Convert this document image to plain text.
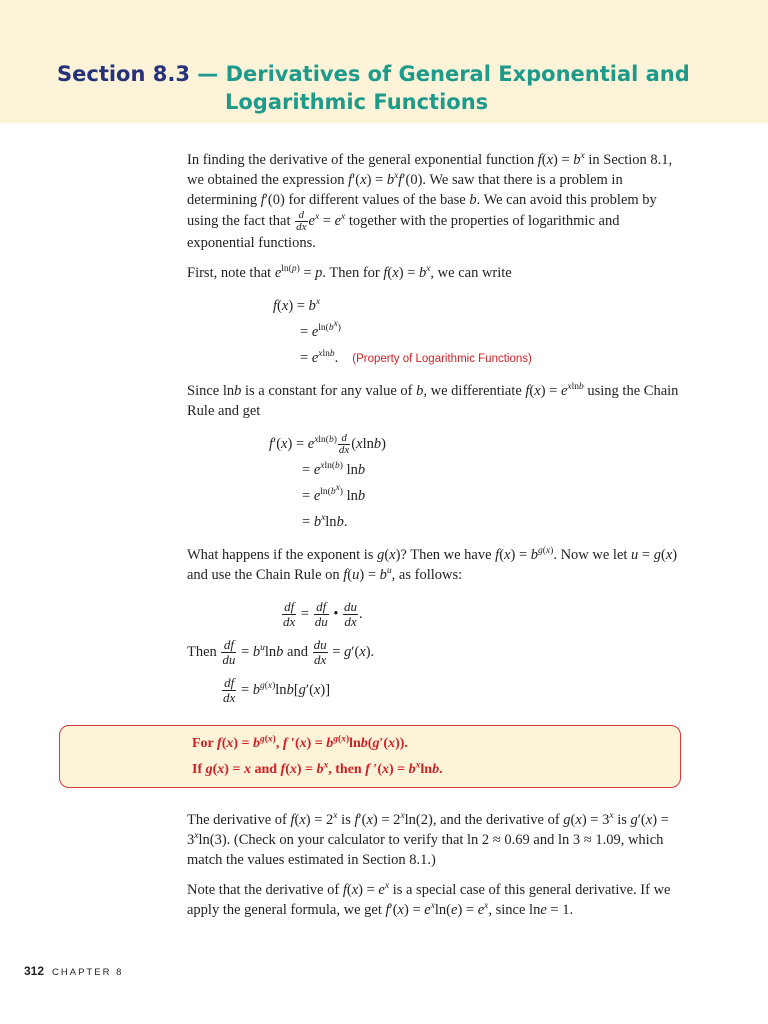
Section 8.3 — Derivatives of General Exponential and
Logarithmic Functions

In finding the derivative of the general exponential function $f(x) = b^x$ in Section 8.1, we obtained the expression $f'(x) = b^xf'(0)$. We saw that there is a problem in determining f′(0) for different values of the base b. We can avoid this problem by using the fact that $\frac{d}{dx} e^x = e^x$ together with the properties of logarithmic and exponential functions.

First, note that $e^{ln(p)} = p$. Then for $f(x) = b^x$, we can write

$f(x) = b^x$
= $e^{ln(b^x)}$
= $e^{xlnb}$. (Property of Logarithmic Functions)

Since lnb is a constant for any value of b, we differentiate $f(x) = e^{xlnb}$ using the Chain Rule and get

$f'(x) = e^{xln(b)} \frac{d}{dx} (xlnb)$
= $e^{xln(b)}$ lnb
= $e^{ln(b^x)}$ lnb
= $b^x\ln b$.

What happens if the exponent is g(x)? Then we have $f(x) = b^{g(x)}$. Now we let u = g(x) and use the Chain Rule on $f(u) = b^u$, as follows:

$\frac{df}{dx} = \frac{df}{du}$ • $\frac{du}{dx}$ .
Then $\frac{df}{du} = b^u\ln b$ and $\frac{du}{dx} = g'(x)$.
$\frac{df}{dx} = b^{g(x)}\ln b[g'(x)]$
For $f(x) = b^{g(x)}$, f $'(x) = b^{g(x)}\ln b(g'(x))$.
If g(x) = x and $f(x) = b^x$, then f $'(x) = b^x\ln b$.

The derivative of $f(x) = 2^x$ is $f'(x) = 2^x\ln(2)$, and the derivative of $g(x) = 3^x$ is $g'(x) = 3^x\ln(3)$. (Check on your calculator to verify that ln 2 ≈ 0.69 and ln 3 ≈ 1.09, which match the values estimated in Section 8.1.)

Note that the derivative of $f(x) = e^x$ is a special case of this general derivative. If we apply the general formula, we get $f'(x) = e^x\ln(e) = e^x$, since lne = 1.

312 CHAPTER 8
